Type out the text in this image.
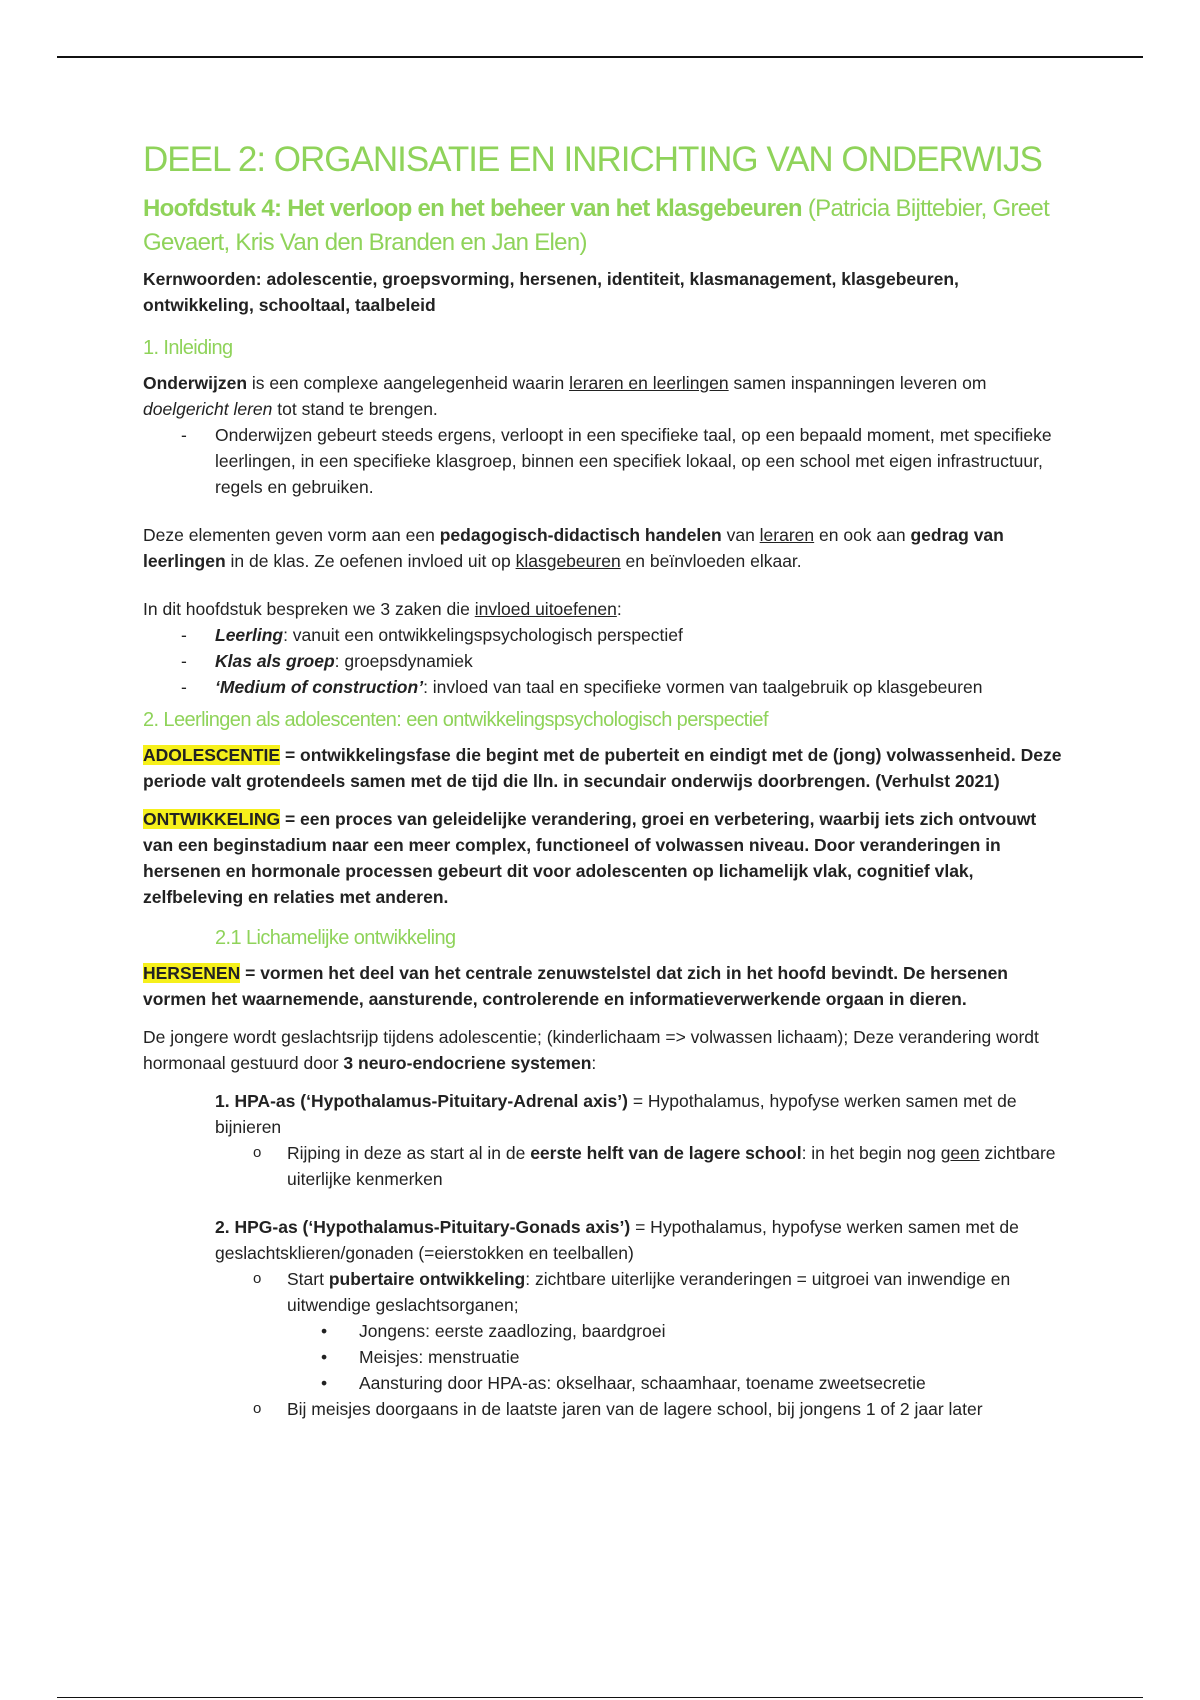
DEEL 2: ORGANISATIE EN INRICHTING VAN ONDERWIJS

Hoofdstuk 4: Het verloop en het beheer van het klasgebeuren (Patricia Bijttebier, Greet Gevaert, Kris Van den Branden en Jan Elen)

Kernwoorden: adolescentie, groepsvorming, hersenen, identiteit, klasmanagement, klasgebeuren, ontwikkeling, schooltaal, taalbeleid

1. Inleiding

Onderwijzen is een complexe aangelegenheid waarin leraren en leerlingen samen inspanningen leveren om doelgericht leren tot stand te brengen.

- Onderwijzen gebeurt steeds ergens, verloopt in een specifieke taal, op een bepaald moment, met specifieke leerlingen, in een specifieke klasgroep, binnen een specifiek lokaal, op een school met eigen infrastructuur, regels en gebruiken.

Deze elementen geven vorm aan een pedagogisch-didactisch handelen van leraren en ook aan gedrag van leerlingen in de klas. Ze oefenen invloed uit op klasgebeuren en beïnvloeden elkaar.

In dit hoofdstuk bespreken we 3 zaken die invloed uitoefenen:

- Leerling: vanuit een ontwikkelingspsychologisch perspectief
- Klas als groep: groepsdynamiek
- ‘Medium of construction’: invloed van taal en specifieke vormen van taalgebruik op klasgebeuren
2. Leerlingen als adolescenten: een ontwikkelingspsychologisch perspectief

ADOLESCENTIE = ontwikkelingsfase die begint met de puberteit en eindigt met de (jong) volwassenheid. Deze periode valt grotendeels samen met de tijd die lln. in secundair onderwijs doorbrengen. (Verhulst 2021)

ONTWIKKELING = een proces van geleidelijke verandering, groei en verbetering, waarbij iets zich ontvouwt van een beginstadium naar een meer complex, functioneel of volwassen niveau. Door veranderingen in hersenen en hormonale processen gebeurt dit voor adolescenten op lichamelijk vlak, cognitief vlak, zelfbeleving en relaties met anderen.

2.1 Lichamelijke ontwikkeling

HERSENEN = vormen het deel van het centrale zenuwstelstel dat zich in het hoofd bevindt. De hersenen vormen het waarnemende, aansturende, controlerende en informatieverwerkende orgaan in dieren.

De jongere wordt geslachtsrijp tijdens adolescentie; (kinderlichaam => volwassen lichaam); Deze verandering wordt hormonaal gestuurd door 3 neuro-endocriene systemen:

1. HPA-as (‘Hypothalamus-Pituitary-Adrenal axis’) = Hypothalamus, hypofyse werken samen met de bijnieren

o Rijping in deze as start al in de eerste helft van de lagere school: in het begin nog geen zichtbare uiterlijke kenmerken

2. HPG-as (‘Hypothalamus-Pituitary-Gonads axis’) = Hypothalamus, hypofyse werken samen met de geslachtsklieren/gonaden (=eierstokken en teelballen)

o Start pubertaire ontwikkeling: zichtbare uiterlijke veranderingen = uitgroei van inwendige en uitwendige geslachtsorganen;
• Jongens: eerste zaadlozing, baardgroei
• Meisjes: menstruatie
• Aansturing door HPA-as: okselhaar, schaamhaar, toename zweetsecretie
o Bij meisjes doorgaans in de laatste jaren van de lagere school, bij jongens 1 of 2 jaar later
